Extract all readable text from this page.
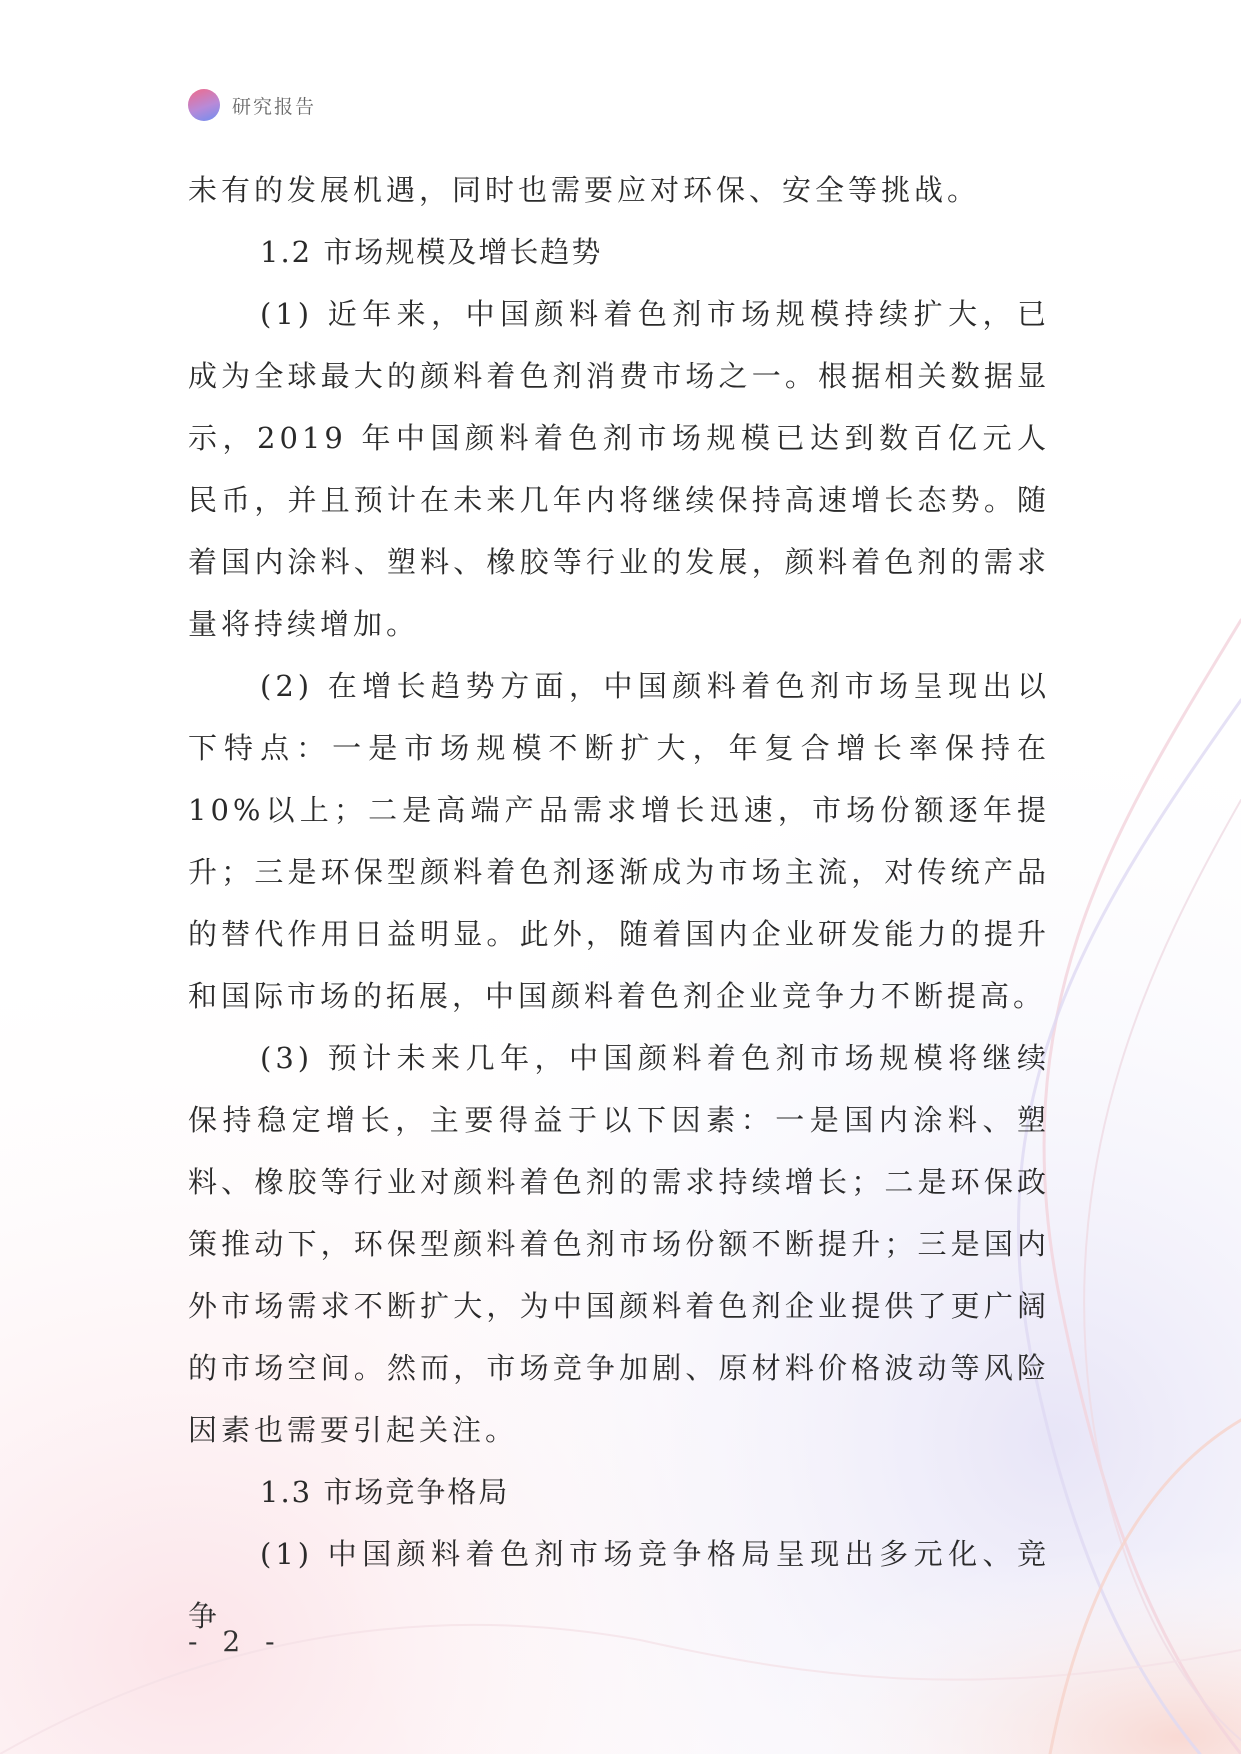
研究报告

未有的发展机遇，同时也需要应对环保、安全等挑战。

1.2 市场规模及增长趋势

(1) 近年来，中国颜料着色剂市场规模持续扩大，已成为全球最大的颜料着色剂消费市场之一。根据相关数据显示，2019 年中国颜料着色剂市场规模已达到数百亿元人民币，并且预计在未来几年内将继续保持高速增长态势。随着国内涂料、塑料、橡胶等行业的发展，颜料着色剂的需求量将持续增加。

(2) 在增长趋势方面，中国颜料着色剂市场呈现出以下特点：一是市场规模不断扩大，年复合增长率保持在 10%以上；二是高端产品需求增长迅速，市场份额逐年提升；三是环保型颜料着色剂逐渐成为市场主流，对传统产品的替代作用日益明显。此外，随着国内企业研发能力的提升和国际市场的拓展，中国颜料着色剂企业竞争力不断提高。

(3) 预计未来几年，中国颜料着色剂市场规模将继续保持稳定增长，主要得益于以下因素：一是国内涂料、塑料、橡胶等行业对颜料着色剂的需求持续增长；二是环保政策推动下，环保型颜料着色剂市场份额不断提升；三是国内外市场需求不断扩大，为中国颜料着色剂企业提供了更广阔的市场空间。然而，市场竞争加剧、原材料价格波动等风险因素也需要引起关注。

1.3 市场竞争格局

(1) 中国颜料着色剂市场竞争格局呈现出多元化、竞争

- 2 -
